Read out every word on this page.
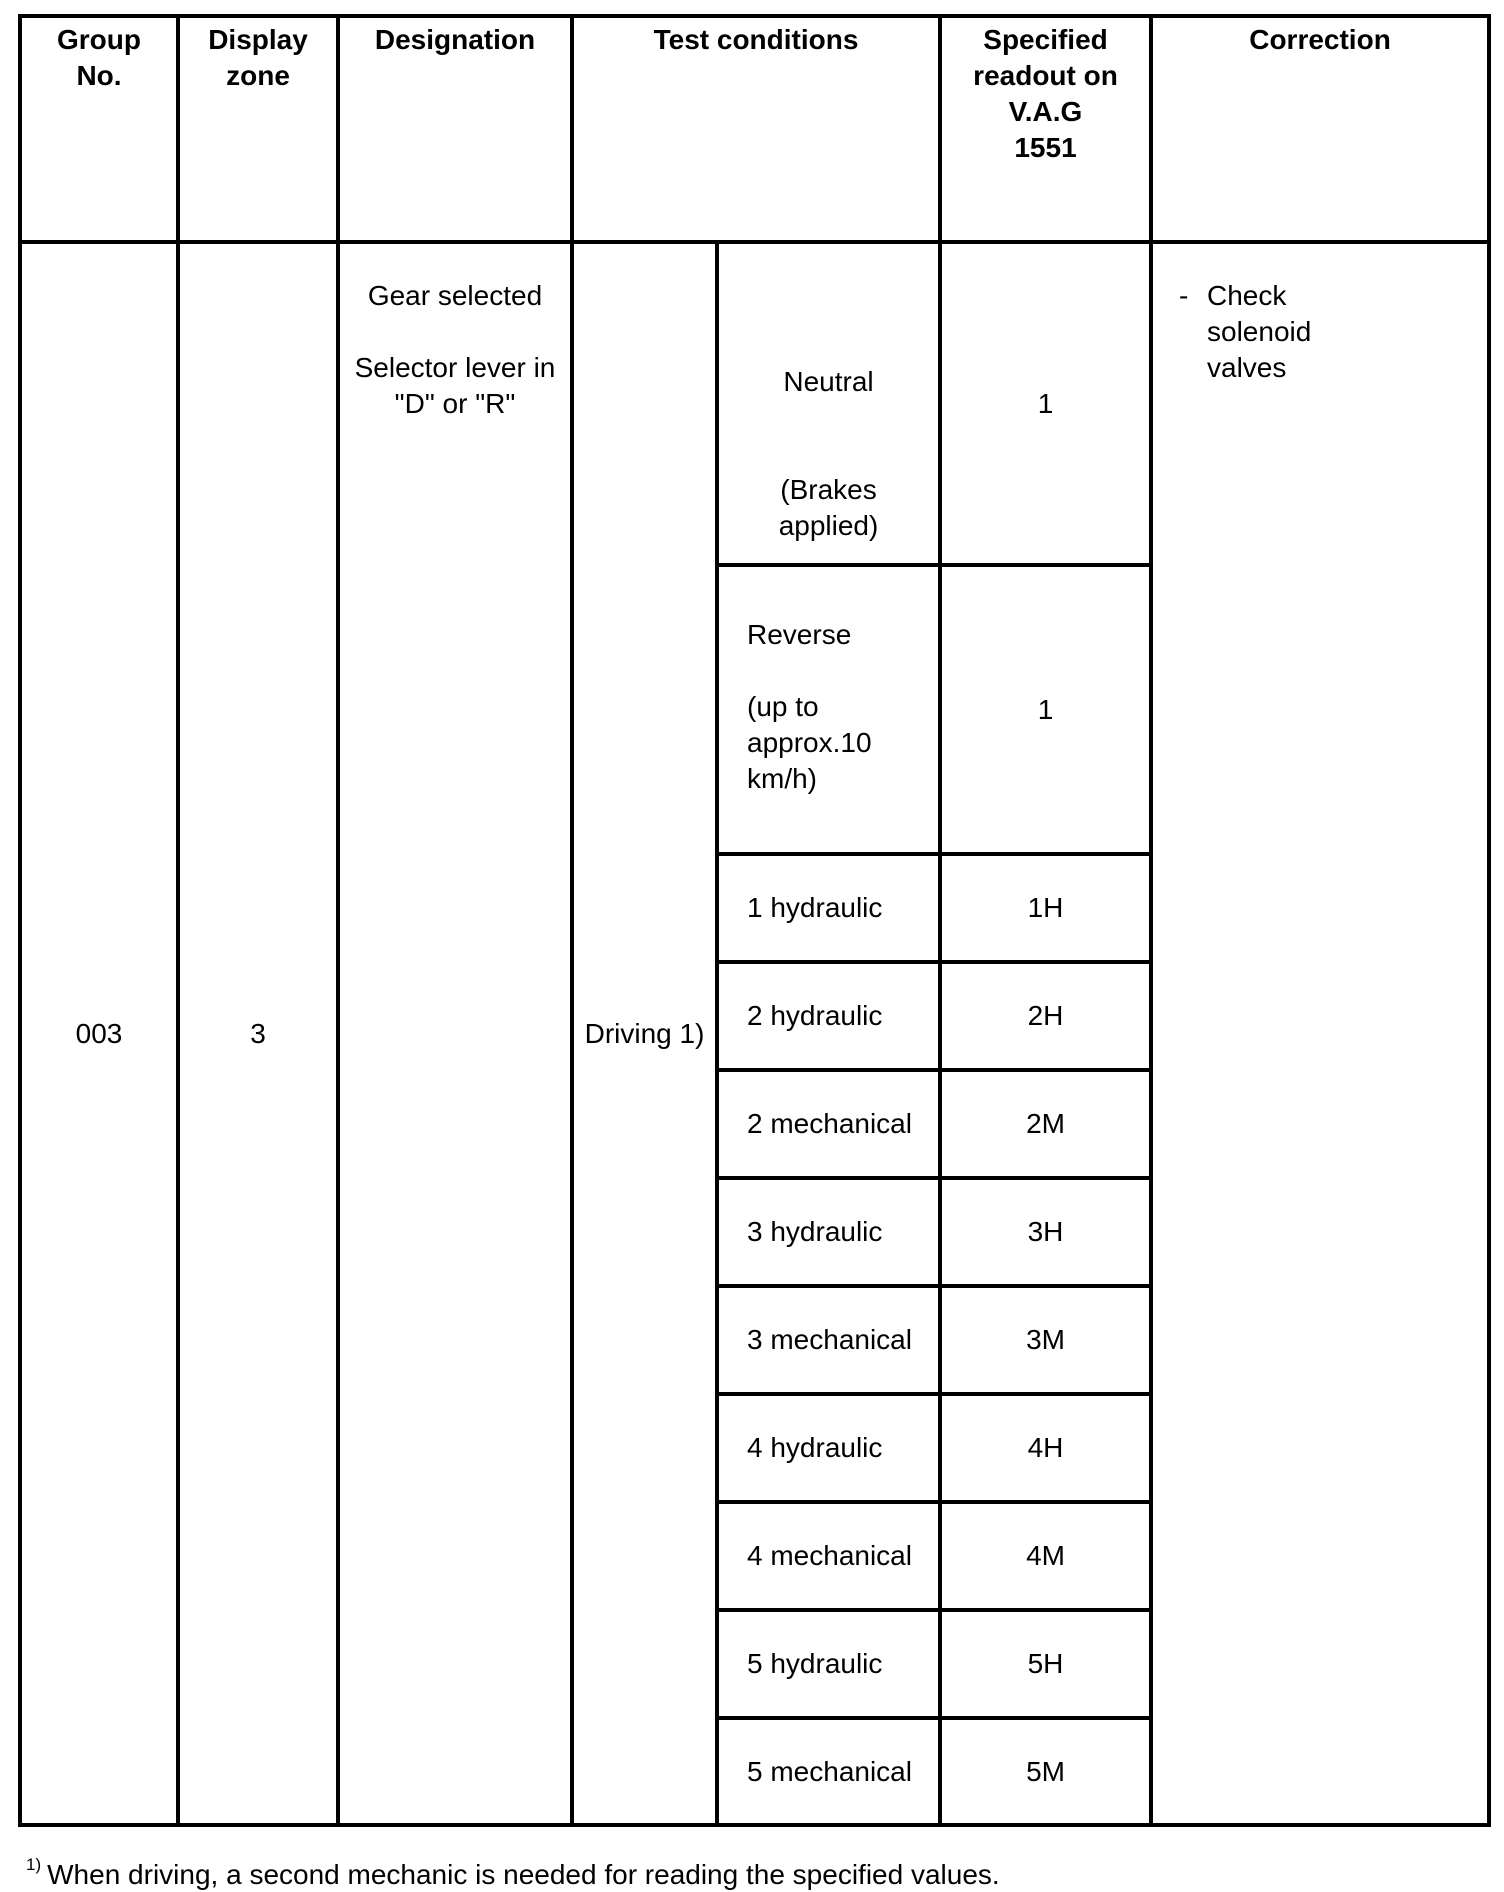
Group
No.	Display
zone	Designation	Test conditions		Specified
readout on
V.A.G
1551	Correction

003	3	Gear selected
Selector lever in
"D" or "R"	Driving 1)	Neutral
(Brakes
applied)	1	- Check
solenoid
valves
				Reverse
(up to
approx.10
km/h)	1	
				1 hydraulic	1H	
				2 hydraulic	2H	
				2 mechanical	2M	
				3 hydraulic	3H	
				3 mechanical	3M	
				4 hydraulic	4H	
				4 mechanical	4M	
				5 hydraulic	5H	
				5 mechanical	5M	
$^{1)}$ When driving, a second mechanic is needed for reading the specified values.
